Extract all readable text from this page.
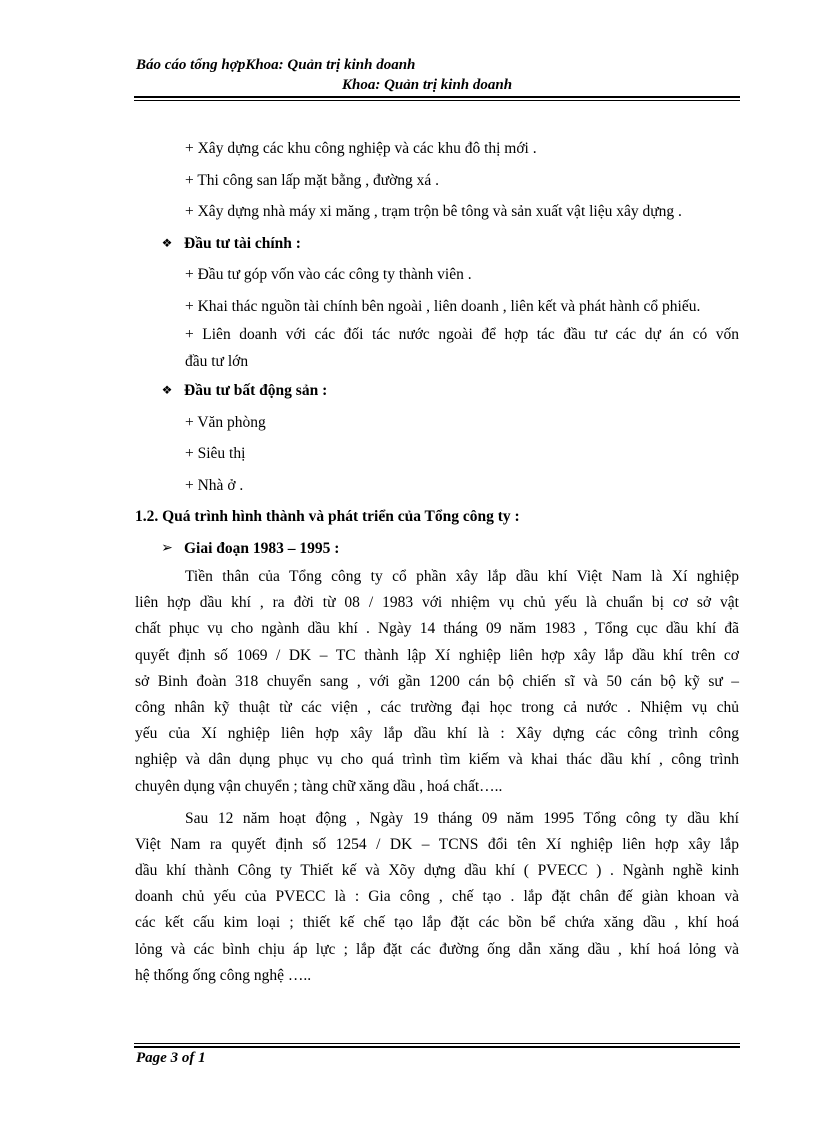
Báo cáo tổng hợpKhoa: Quản trị kinh doanh
Khoa: Quản trị kinh doanh
+ Xây dựng các khu công nghiệp và các khu đô thị mới .
+ Thi công san lấp mặt bằng , đường xá .
+ Xây dựng nhà máy xi măng , trạm trộn bê tông và sản xuất vật liệu xây dựng .
❖ Đầu tư tài chính :
+ Đầu tư góp vốn vào các công ty thành viên .
+ Khai thác nguồn tài chính bên ngoài , liên doanh , liên kết và phát hành cổ phiếu.
+ Liên doanh với các đối tác nước ngoài để hợp tác đầu tư các dự án có vốn
đầu tư lớn
❖ Đầu tư bất động sản :
+ Văn phòng
+ Siêu thị
+ Nhà ở .
1.2. Quá trình hình thành và phát triển của Tổng công ty :
➢ Giai đoạn 1983 – 1995 :
Tiền thân của Tổng công ty cổ phần xây lắp dầu khí Việt Nam là Xí nghiệp
liên hợp dầu khí , ra đời từ 08 / 1983 với nhiệm vụ chủ yếu là chuẩn bị cơ sở vật
chất phục vụ cho ngành dầu khí . Ngày 14 tháng 09 năm 1983 , Tổng cục dầu khí đã
quyết định số 1069 / DK – TC thành lập Xí nghiệp liên hợp xây lắp dầu khí trên cơ
sở Binh đoàn 318 chuyển sang , với gần 1200 cán bộ chiến sĩ và 50 cán bộ kỹ sư –
công nhân kỹ thuật từ các viện , các trường đại học trong cả nước . Nhiệm vụ chủ
yếu của Xí nghiệp liên hợp xây lắp dầu khí là : Xây dựng các công trình công
nghiệp và dân dụng phục vụ cho quá trình tìm kiếm và khai thác dầu khí , công trình
chuyên dụng vận chuyển ; tàng chữ xăng dầu , hoá chất…..
Sau 12 năm hoạt động , Ngày 19 tháng 09 năm 1995 Tổng công ty dầu khí
Việt Nam ra quyết định số 1254 / DK – TCNS đổi tên Xí nghiệp liên hợp xây lắp
dầu khí thành Công ty Thiết kế và Xõy dựng dầu khí ( PVECC ) . Ngành nghề kinh
doanh chủ yếu của PVECC là : Gia công , chế tạo . lắp đặt chân đế giàn khoan và
các kết cấu kim loại ; thiết kế chế tạo lắp đặt các bồn bể chứa xăng dầu , khí hoá
lỏng và các bình chịu áp lực ; lắp đặt các đường ống dẫn xăng dầu , khí hoá lỏng và
hệ thống ống công nghệ …..
Page 3 of 1
